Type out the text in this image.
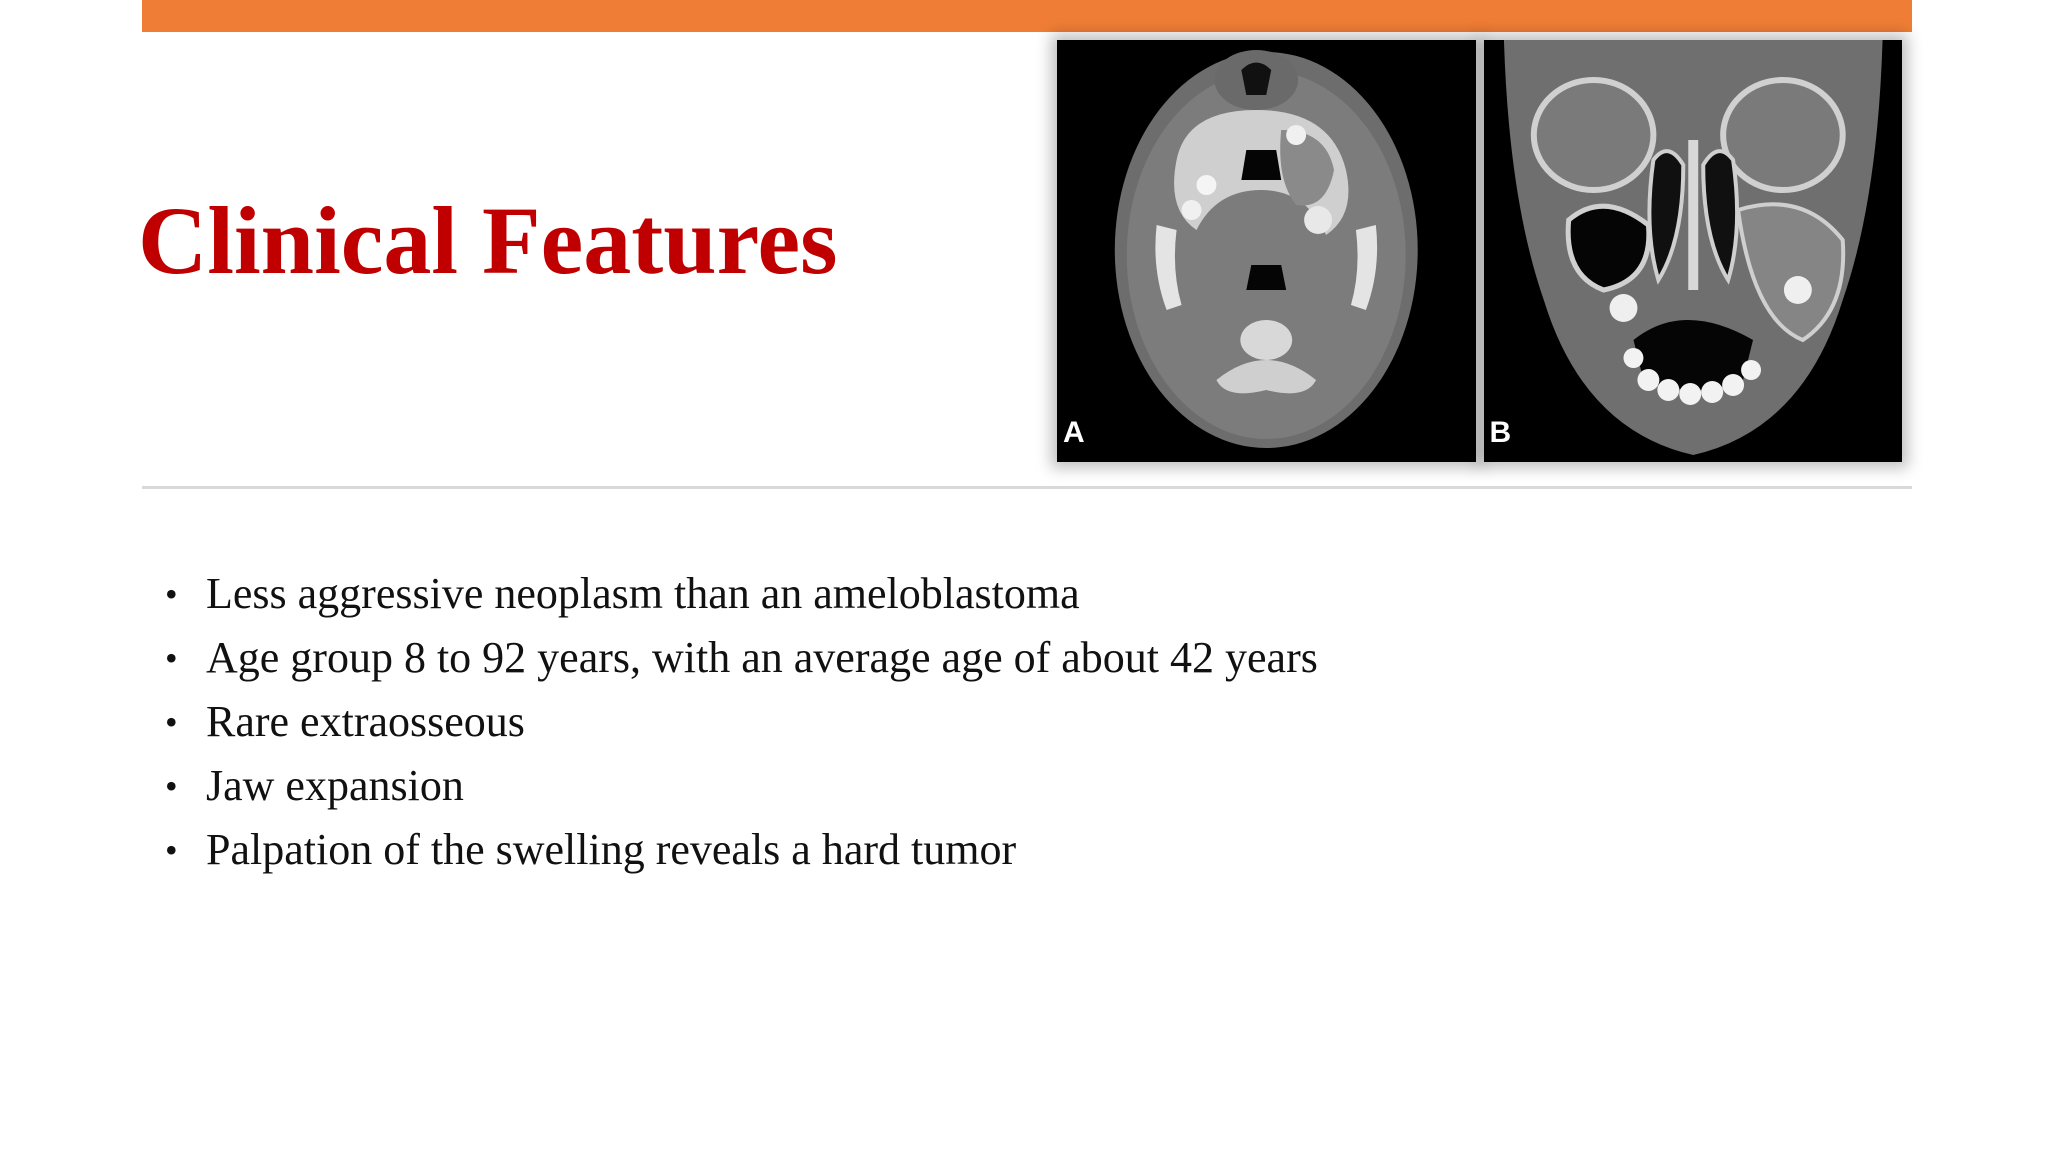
Clinical Features
A	B
• Less aggressive neoplasm than an ameloblastoma
• Age group 8 to 92 years, with an average age of about 42 years
• Rare extraosseous
• Jaw expansion
• Palpation of the swelling reveals a hard tumor
